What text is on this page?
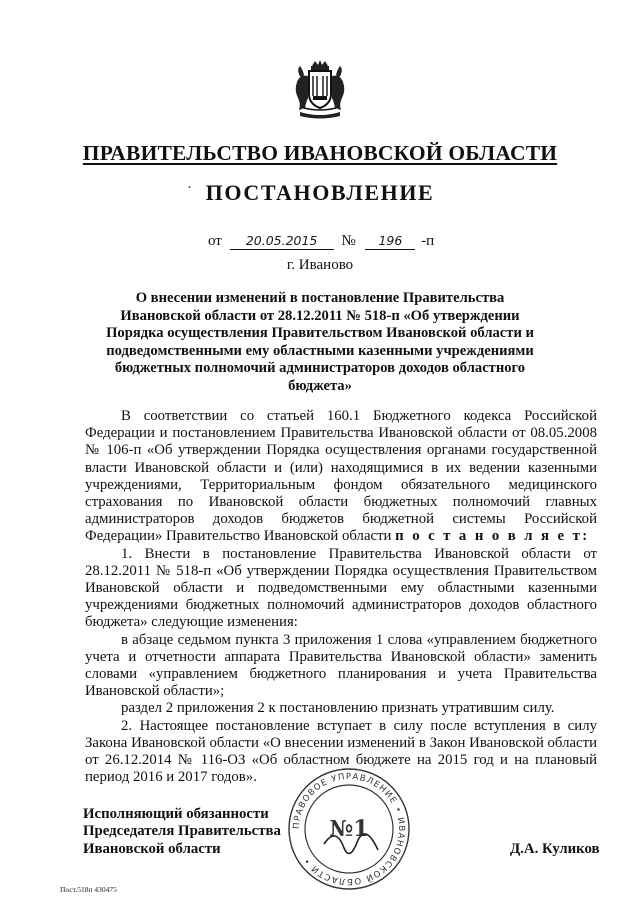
ПРАВИТЕЛЬСТВО ИВАНОВСКОЙ ОБЛАСТИ
• ПОСТАНОВЛЕНИЕ
от 20.05.2015 № 196 -п
г. Иваново
О внесении изменений в постановление Правительства Ивановской области от 28.12.2011 № 518-п «Об утверждении Порядка осуществления Правительством Ивановской области и подведомственными ему областными казенными учреждениями бюджетных полномочий администраторов доходов областного бюджета»

В соответствии со статьей 160.1 Бюджетного кодекса Российской Федерации и постановлением Правительства Ивановской области от 08.05.2008 № 106-п «Об утверждении Порядка осуществления органами государственной власти Ивановской области и (или) находящимися в их ведении казенными учреждениями, Территориальным фондом обязательного медицинского страхования по Ивановской области бюджетных полномочий главных администраторов доходов бюджетов бюджетной системы Российской Федерации» Правительство Ивановской области п о с т а н о в л я е т:

1. Внести в постановление Правительства Ивановской области от 28.12.2011 № 518-п «Об утверждении Порядка осуществления Правительством Ивановской области и подведомственными ему областными казенными учреждениями бюджетных полномочий администраторов доходов областного бюджета» следующие изменения:

в абзаце седьмом пункта 3 приложения 1 слова «управлением бюджетного учета и отчетности аппарата Правительства Ивановской области» заменить словами «управлением бюджетного планирования и учета Правительства Ивановской области»;

раздел 2 приложения 2 к постановлению признать утратившим силу.

2. Настоящее постановление вступает в силу после вступления в силу Закона Ивановской области «О внесении изменений в Закон Ивановской области от 26.12.2014 № 116-ОЗ «Об областном бюджете на 2015 год и на плановый период 2016 и 2017 годов».

ПРАВОВОЕ УПРАВЛЕНИЕ • ИВАНОВСКОЙ ОБЛАСТИ •
№1
Исполняющий обязанности
Председателя Правительства
Ивановской области	Д.А. Куликов
Пост.518п 430475
